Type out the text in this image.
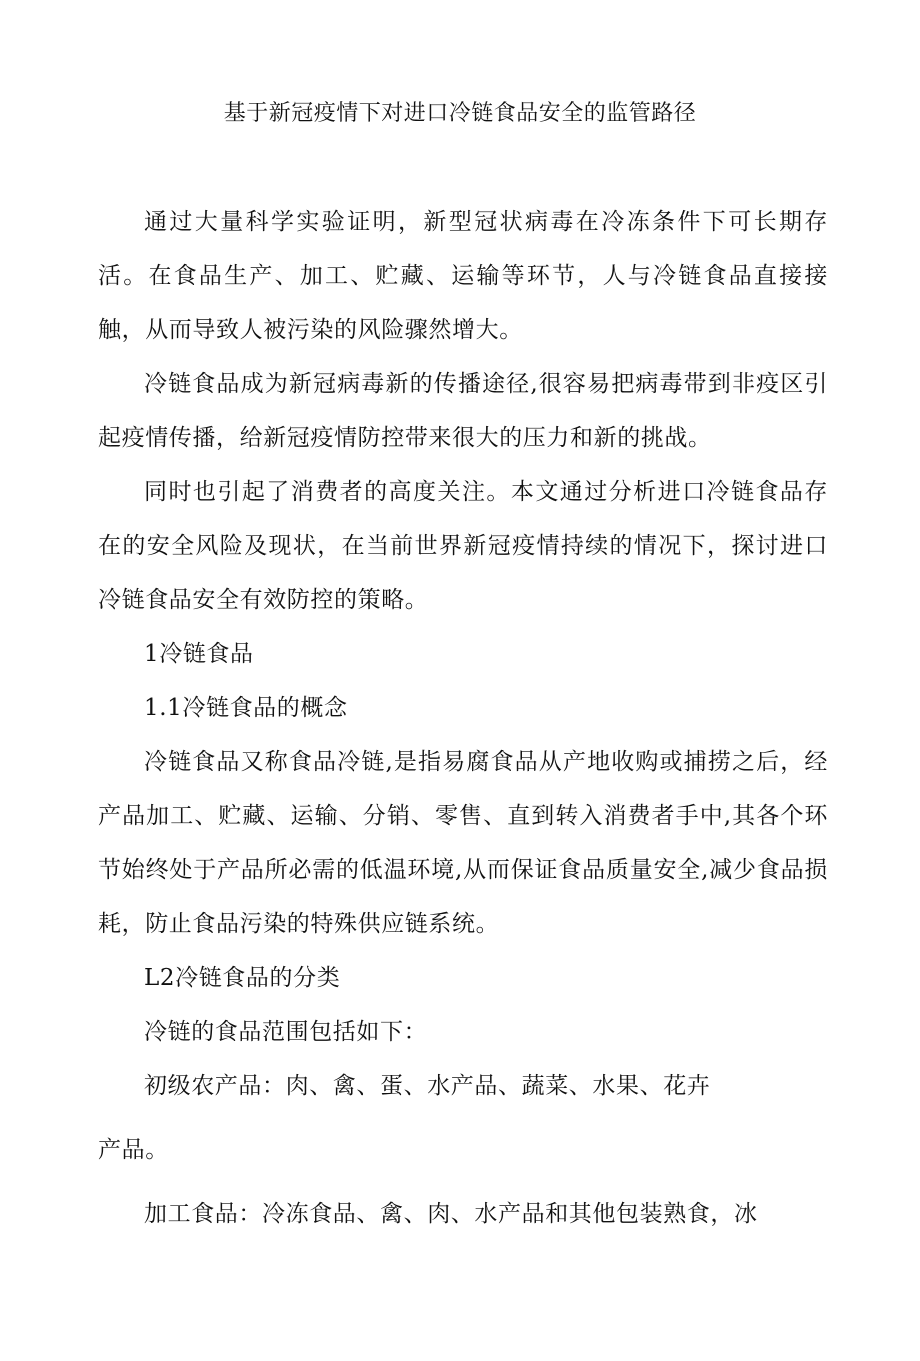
基于新冠疫情下对进口冷链食品安全的监管路径

通过大量科学实验证明，新型冠状病毒在冷冻条件下可长期存活。在食品生产、加工、贮藏、运输等环节，人与冷链食品直接接触，从而导致人被污染的风险骤然增大。

冷链食品成为新冠病毒新的传播途径,很容易把病毒带到非疫区引起疫情传播，给新冠疫情防控带来很大的压力和新的挑战。

同时也引起了消费者的高度关注。本文通过分析进口冷链食品存在的安全风险及现状，在当前世界新冠疫情持续的情况下，探讨进口冷链食品安全有效防控的策略。

1冷链食品

1.1冷链食品的概念

冷链食品又称食品冷链,是指易腐食品从产地收购或捕捞之后，经产品加工、贮藏、运输、分销、零售、直到转入消费者手中,其各个环节始终处于产品所必需的低温环境,从而保证食品质量安全,减少食品损耗，防止食品污染的特殊供应链系统。

L2冷链食品的分类

冷链的食品范围包括如下：

初级农产品：肉、禽、蛋、水产品、蔬菜、水果、花卉

产品。

加工食品：冷冻食品、禽、肉、水产品和其他包装熟食，冰
